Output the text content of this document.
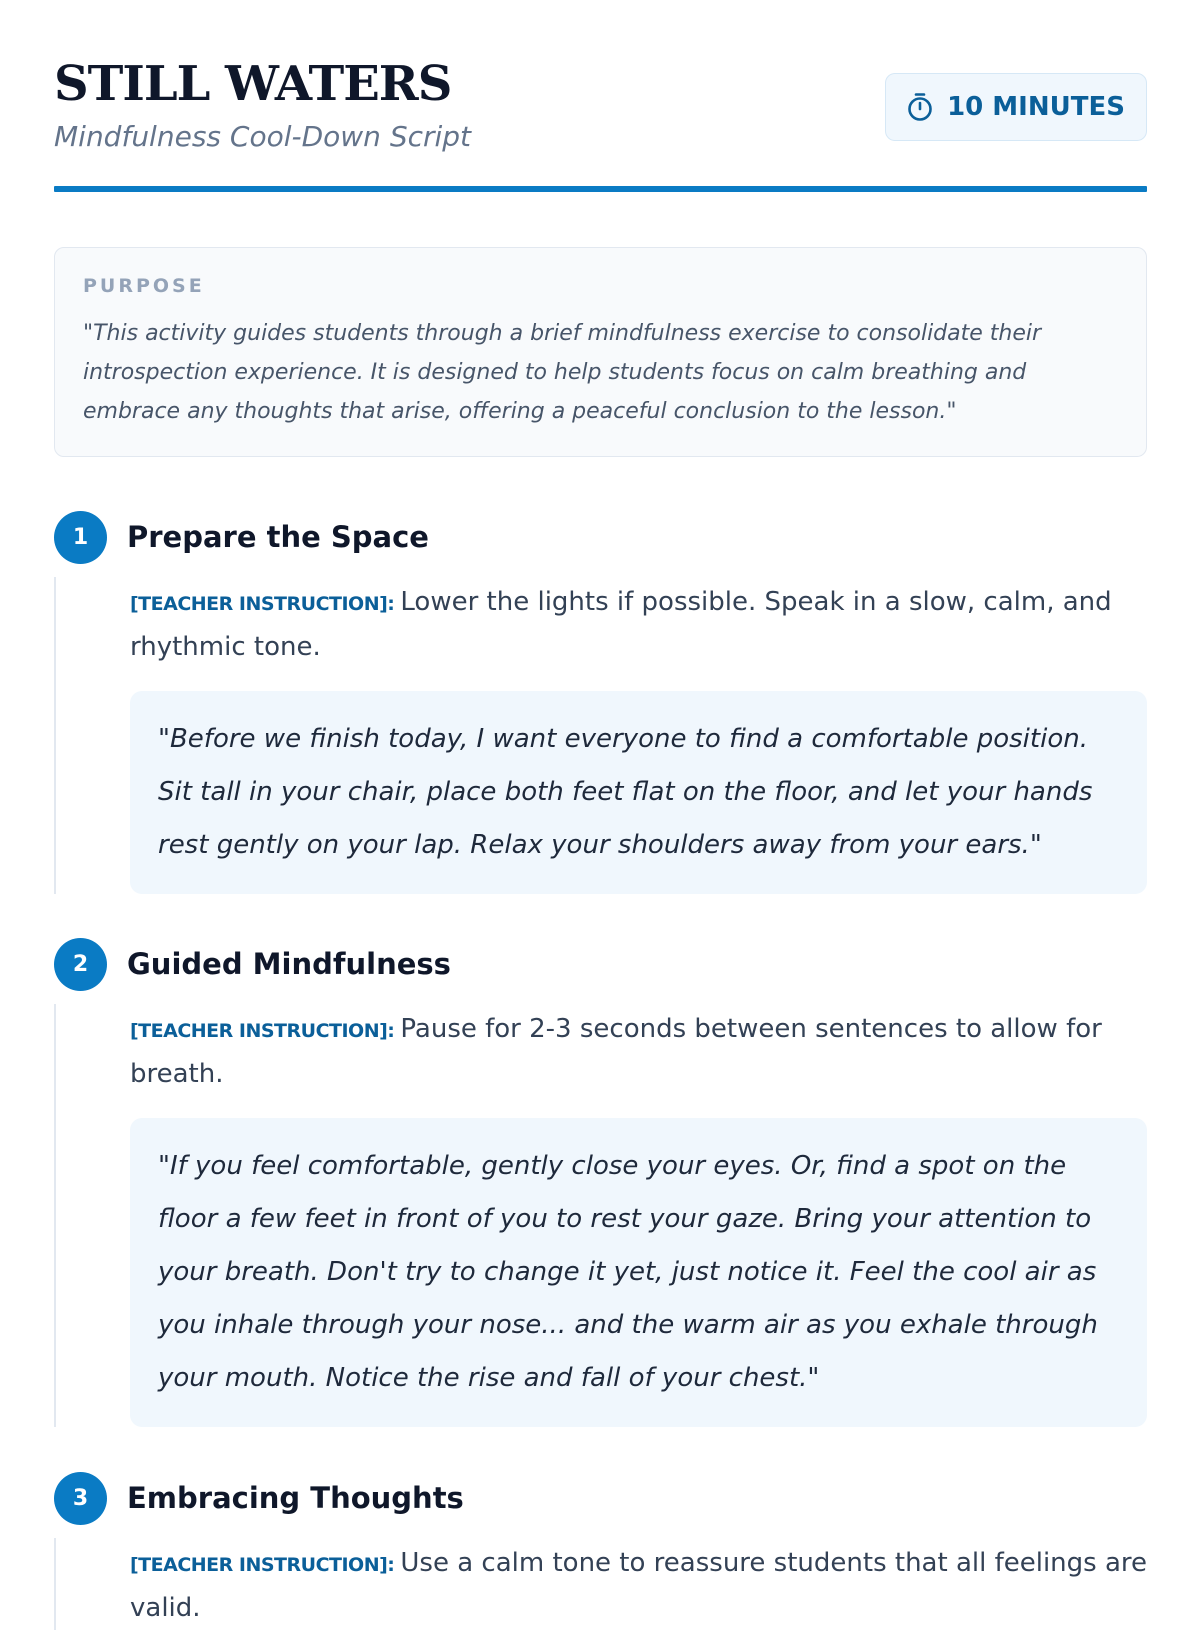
STILL WATERS
Mindfulness Cool-Down Script
10 MINUTES
PURPOSE
"This activity guides students through a brief mindfulness exercise to consolidate their introspection experience. It is designed to help students focus on calm breathing and embrace any thoughts that arise, offering a peaceful conclusion to the lesson."
1	Prepare the Space
[TEACHER INSTRUCTION]: Lower the lights if possible. Speak in a slow, calm, and rhythmic tone.
"Before we finish today, I want everyone to find a comfortable position. Sit tall in your chair, place both feet flat on the floor, and let your hands rest gently on your lap. Relax your shoulders away from your ears."
2	Guided Mindfulness
[TEACHER INSTRUCTION]: Pause for 2-3 seconds between sentences to allow for breath.
"If you feel comfortable, gently close your eyes. Or, find a spot on the floor a few feet in front of you to rest your gaze. Bring your attention to your breath. Don't try to change it yet, just notice it. Feel the cool air as you inhale through your nose... and the warm air as you exhale through your mouth. Notice the rise and fall of your chest."
3	Embracing Thoughts
[TEACHER INSTRUCTION]: Use a calm tone to reassure students that all feelings are valid.
